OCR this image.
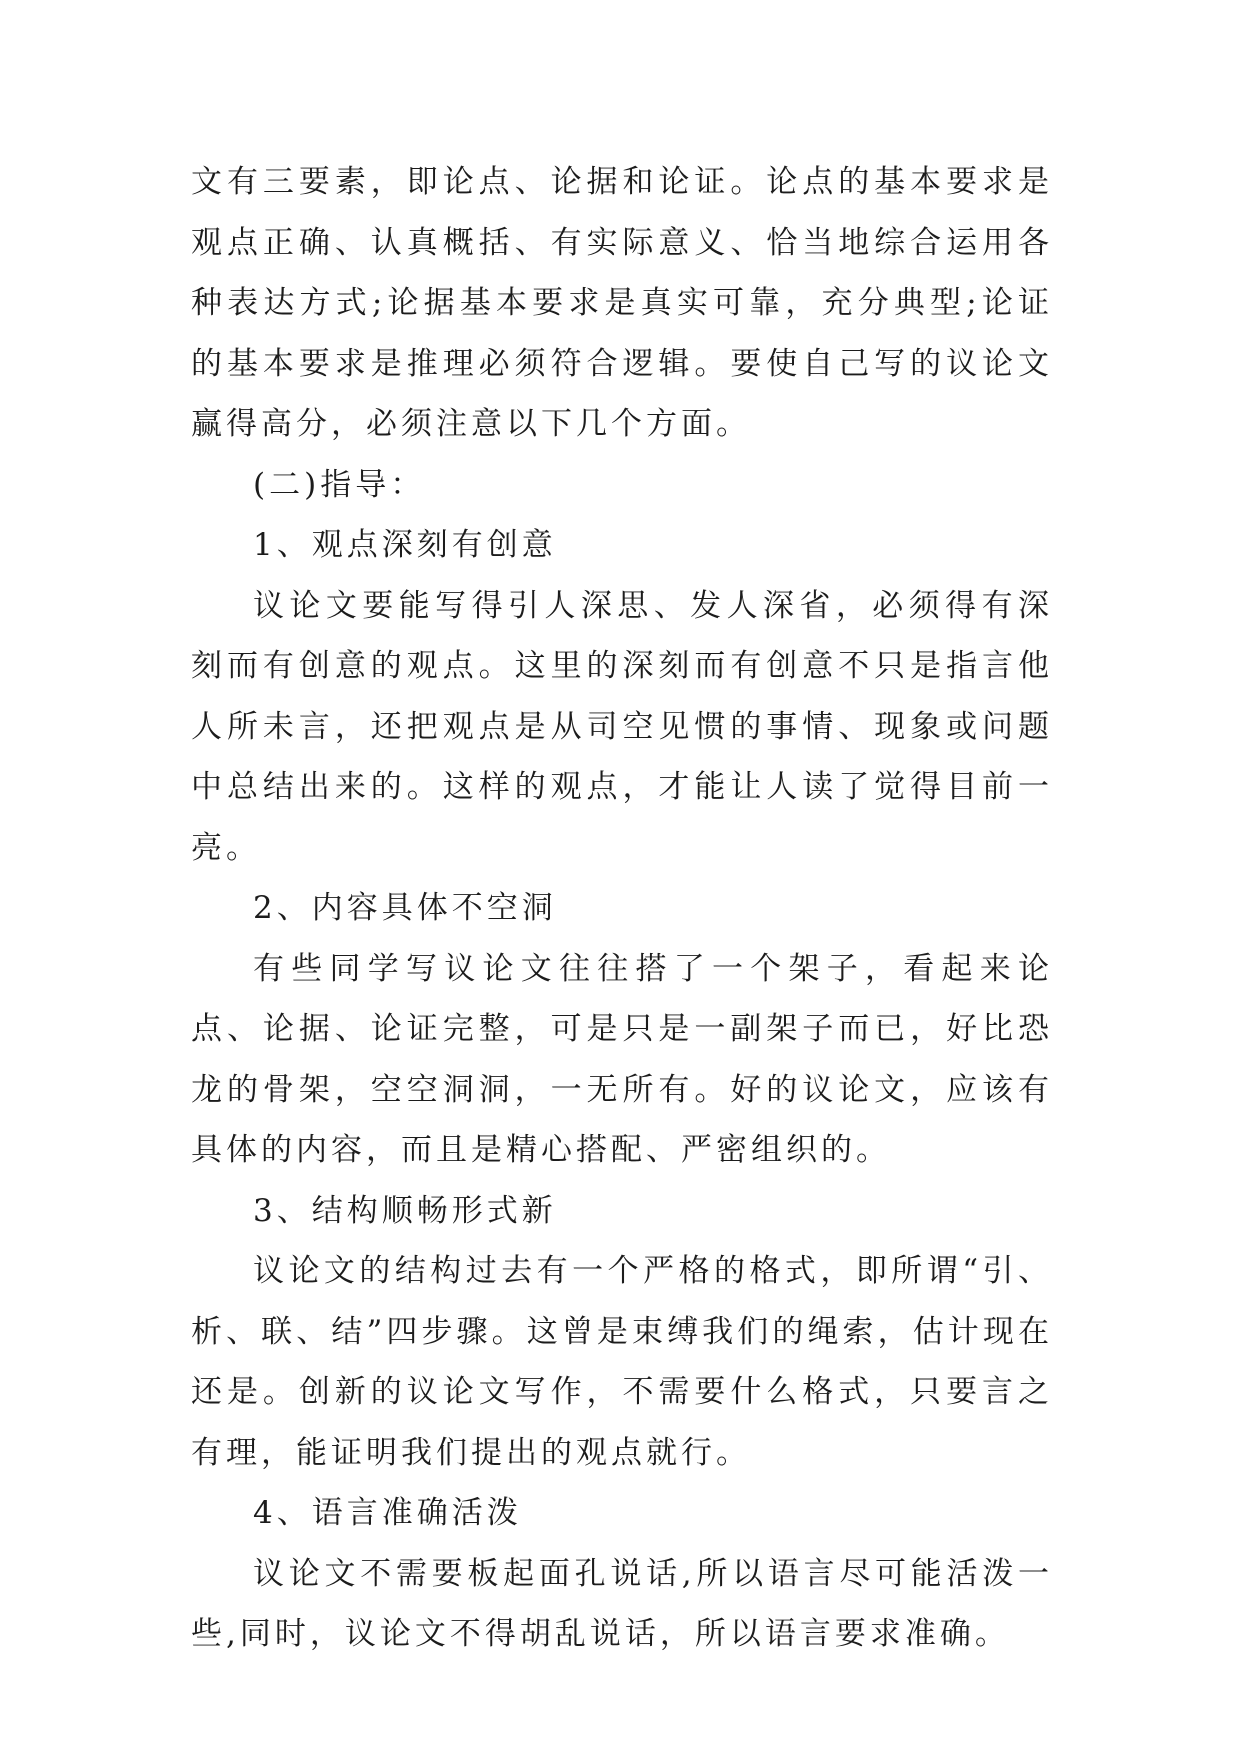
文有三要素，即论点、论据和论证。论点的基本要求是观点正确、认真概括、有实际意义、恰当地综合运用各种表达方式;论据基本要求是真实可靠，充分典型;论证的基本要求是推理必须符合逻辑。要使自己写的议论文赢得高分，必须注意以下几个方面。

(二)指导：

1、观点深刻有创意

议论文要能写得引人深思、发人深省，必须得有深刻而有创意的观点。这里的深刻而有创意不只是指言他人所未言，还把观点是从司空见惯的事情、现象或问题中总结出来的。这样的观点，才能让人读了觉得目前一亮。

2、内容具体不空洞

有些同学写议论文往往搭了一个架子，看起来论点、论据、论证完整，可是只是一副架子而已，好比恐龙的骨架，空空洞洞，一无所有。好的议论文，应该有具体的内容，而且是精心搭配、严密组织的。

3、结构顺畅形式新

议论文的结构过去有一个严格的格式，即所谓“引、析、联、结”四步骤。这曾是束缚我们的绳索，估计现在还是。创新的议论文写作，不需要什么格式，只要言之有理，能证明我们提出的观点就行。

4、语言准确活泼

议论文不需要板起面孔说话,所以语言尽可能活泼一些,同时，议论文不得胡乱说话，所以语言要求准确。
